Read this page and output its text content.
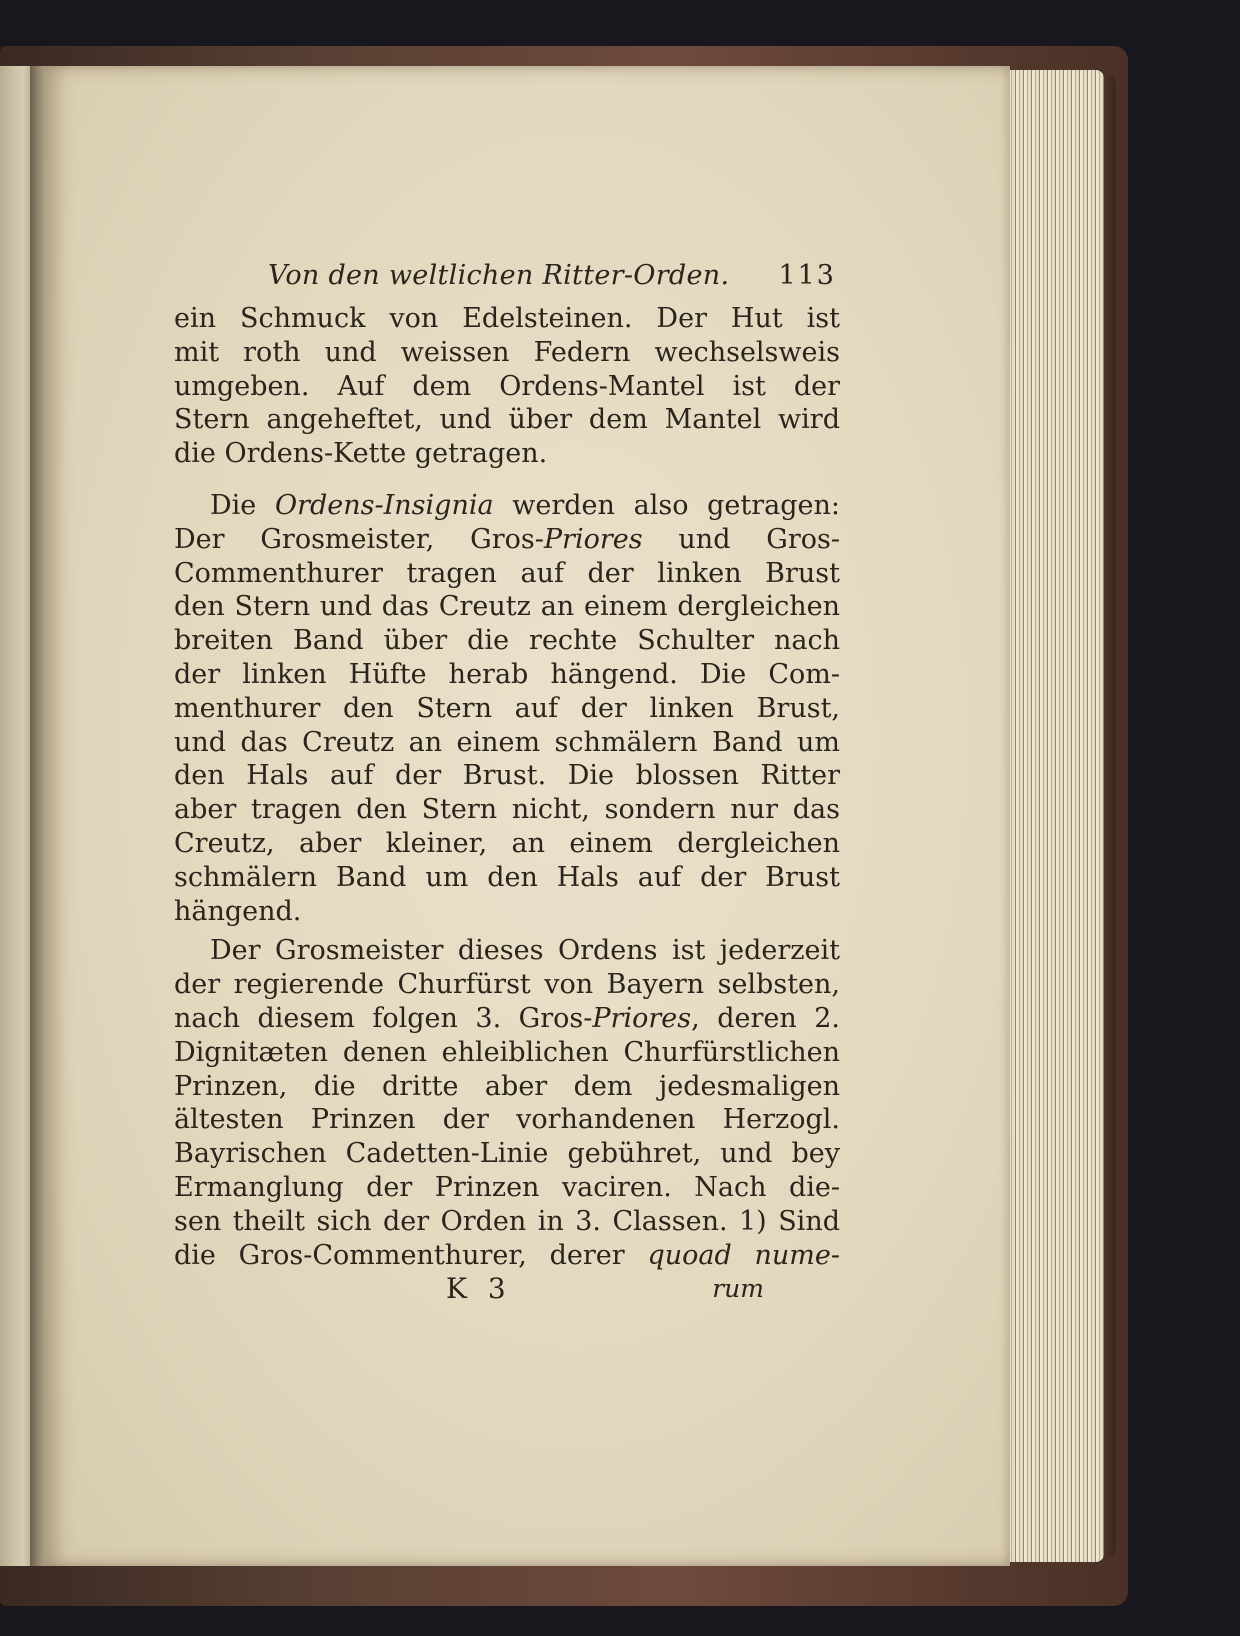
Von den weltlichen Ritter-Orden. 113

ein Schmuck von Edelsteinen. Der Hut ist
mit roth und weissen Federn wechselsweis
umgeben. Auf dem Ordens-Mantel ist der
Stern angeheftet, und über dem Mantel wird
die Ordens-Kette getragen.

Die Ordens-Insignia werden also getragen:
Der Grosmeister, Gros-Priores und Gros-
Commenthurer tragen auf der linken Brust
den Stern und das Creutz an einem dergleichen
breiten Band über die rechte Schulter nach
der linken Hüfte herab hängend. Die Com-
menthurer den Stern auf der linken Brust,
und das Creutz an einem schmälern Band um
den Hals auf der Brust. Die blossen Ritter
aber tragen den Stern nicht, sondern nur das
Creutz, aber kleiner, an einem dergleichen
schmälern Band um den Hals auf der Brust
hängend.

Der Grosmeister dieses Ordens ist jederzeit
der regierende Churfürst von Bayern selbsten,
nach diesem folgen 3. Gros-Priores, deren 2.
Dignitæten denen ehleiblichen Churfürstlichen
Prinzen, die dritte aber dem jedesmaligen
ältesten Prinzen der vorhandenen Herzogl.
Bayrischen Cadetten-Linie gebühret, und bey
Ermanglung der Prinzen vaciren. Nach die-
sen theilt sich der Orden in 3. Classen. 1) Sind
die Gros-Commenthurer, derer quoad nume-

K 3	rum
